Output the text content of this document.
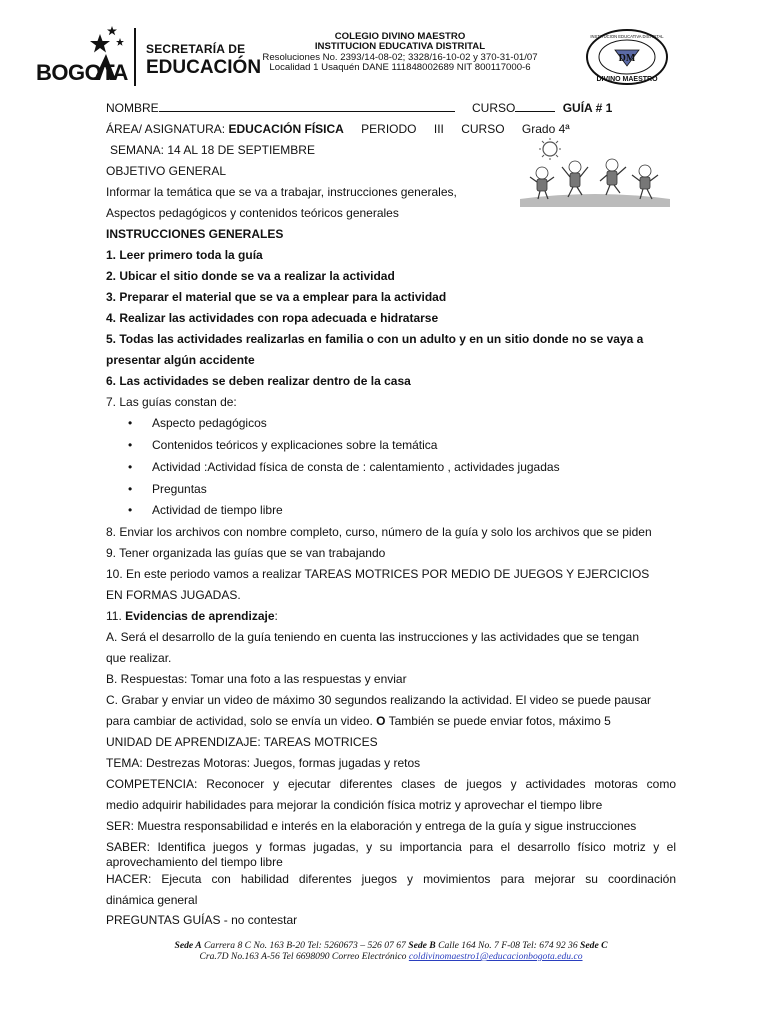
BOGOTA
SECRETARÍA DE
EDUCACIÓN
COLEGIO DIVINO MAESTRO
INSTITUCION EDUCATIVA DISTRITAL
Resoluciones No. 2393/14-08-02; 3328/16-10-02 y 370-31-01/07
Localidad 1 Usaquén DANE 111848002689 NIT 800117000-6
DM
INSTITUCION EDUCATIVA DISTRITAL
DIVINO MAESTRO
NOMBRE	CURSO	GUÍA # 1
ÁREA/ ASIGNATURA: EDUCACIÓN FÍSICA PERIODO III CURSO Grado 4ª
SEMANA: 14 AL 18 DE SEPTIEMBRE
OBJETIVO GENERAL
Informar la temática que se va a trabajar, instrucciones generales,
Aspectos pedagógicos y contenidos teóricos generales
INSTRUCCIONES GENERALES
1. Leer primero toda la guía
2. Ubicar el sitio donde se va a realizar la actividad
3. Preparar el material que se va a emplear para la actividad
4. Realizar las actividades con ropa adecuada e hidratarse
5. Todas las actividades realizarlas en familia o con un adulto y en un sitio donde no se vaya a
presentar algún accidente
6. Las actividades se deben realizar dentro de la casa
7. Las guías constan de:
• Aspecto pedagógicos
• Contenidos teóricos y explicaciones sobre la temática
• Actividad :Actividad física de consta de : calentamiento , actividades jugadas
• Preguntas
• Actividad de tiempo libre
8. Enviar los archivos con nombre completo, curso, número de la guía y solo los archivos que se piden
9. Tener organizada las guías que se van trabajando
10. En este periodo vamos a realizar TAREAS MOTRICES POR MEDIO DE JUEGOS Y EJERCICIOS
EN FORMAS JUGADAS.
11. Evidencias de aprendizaje:
A. Será el desarrollo de la guía teniendo en cuenta las instrucciones y las actividades que se tengan
que realizar.
B. Respuestas: Tomar una foto a las respuestas y enviar
C. Grabar y enviar un video de máximo 30 segundos realizando la actividad. El video se puede pausar
para cambiar de actividad, solo se envía un video. O También se puede enviar fotos, máximo 5
UNIDAD DE APRENDIZAJE: TAREAS MOTRICES
TEMA: Destrezas Motoras: Juegos, formas jugadas y retos
COMPETENCIA: Reconocer y ejecutar diferentes clases de juegos y actividades motoras como
medio adquirir habilidades para mejorar la condición física motriz y aprovechar el tiempo libre
SER: Muestra responsabilidad e interés en la elaboración y entrega de la guía y sigue instrucciones
SABER: Identifica juegos y formas jugadas, y su importancia para el desarrollo físico motriz y el
aprovechamiento del tiempo libre
HACER: Ejecuta con habilidad diferentes juegos y movimientos para mejorar su coordinación
dinámica general
PREGUNTAS GUÍAS - no contestar
Sede A Carrera 8 C No. 163 B-20 Tel: 5260673 – 526 07 67 Sede B Calle 164 No. 7 F-08 Tel: 674 92 36 Sede C
Cra.7D No.163 A-56 Tel 6698090 Correo Electrónico coldivinomaestro1@educacionbogota.edu.co
